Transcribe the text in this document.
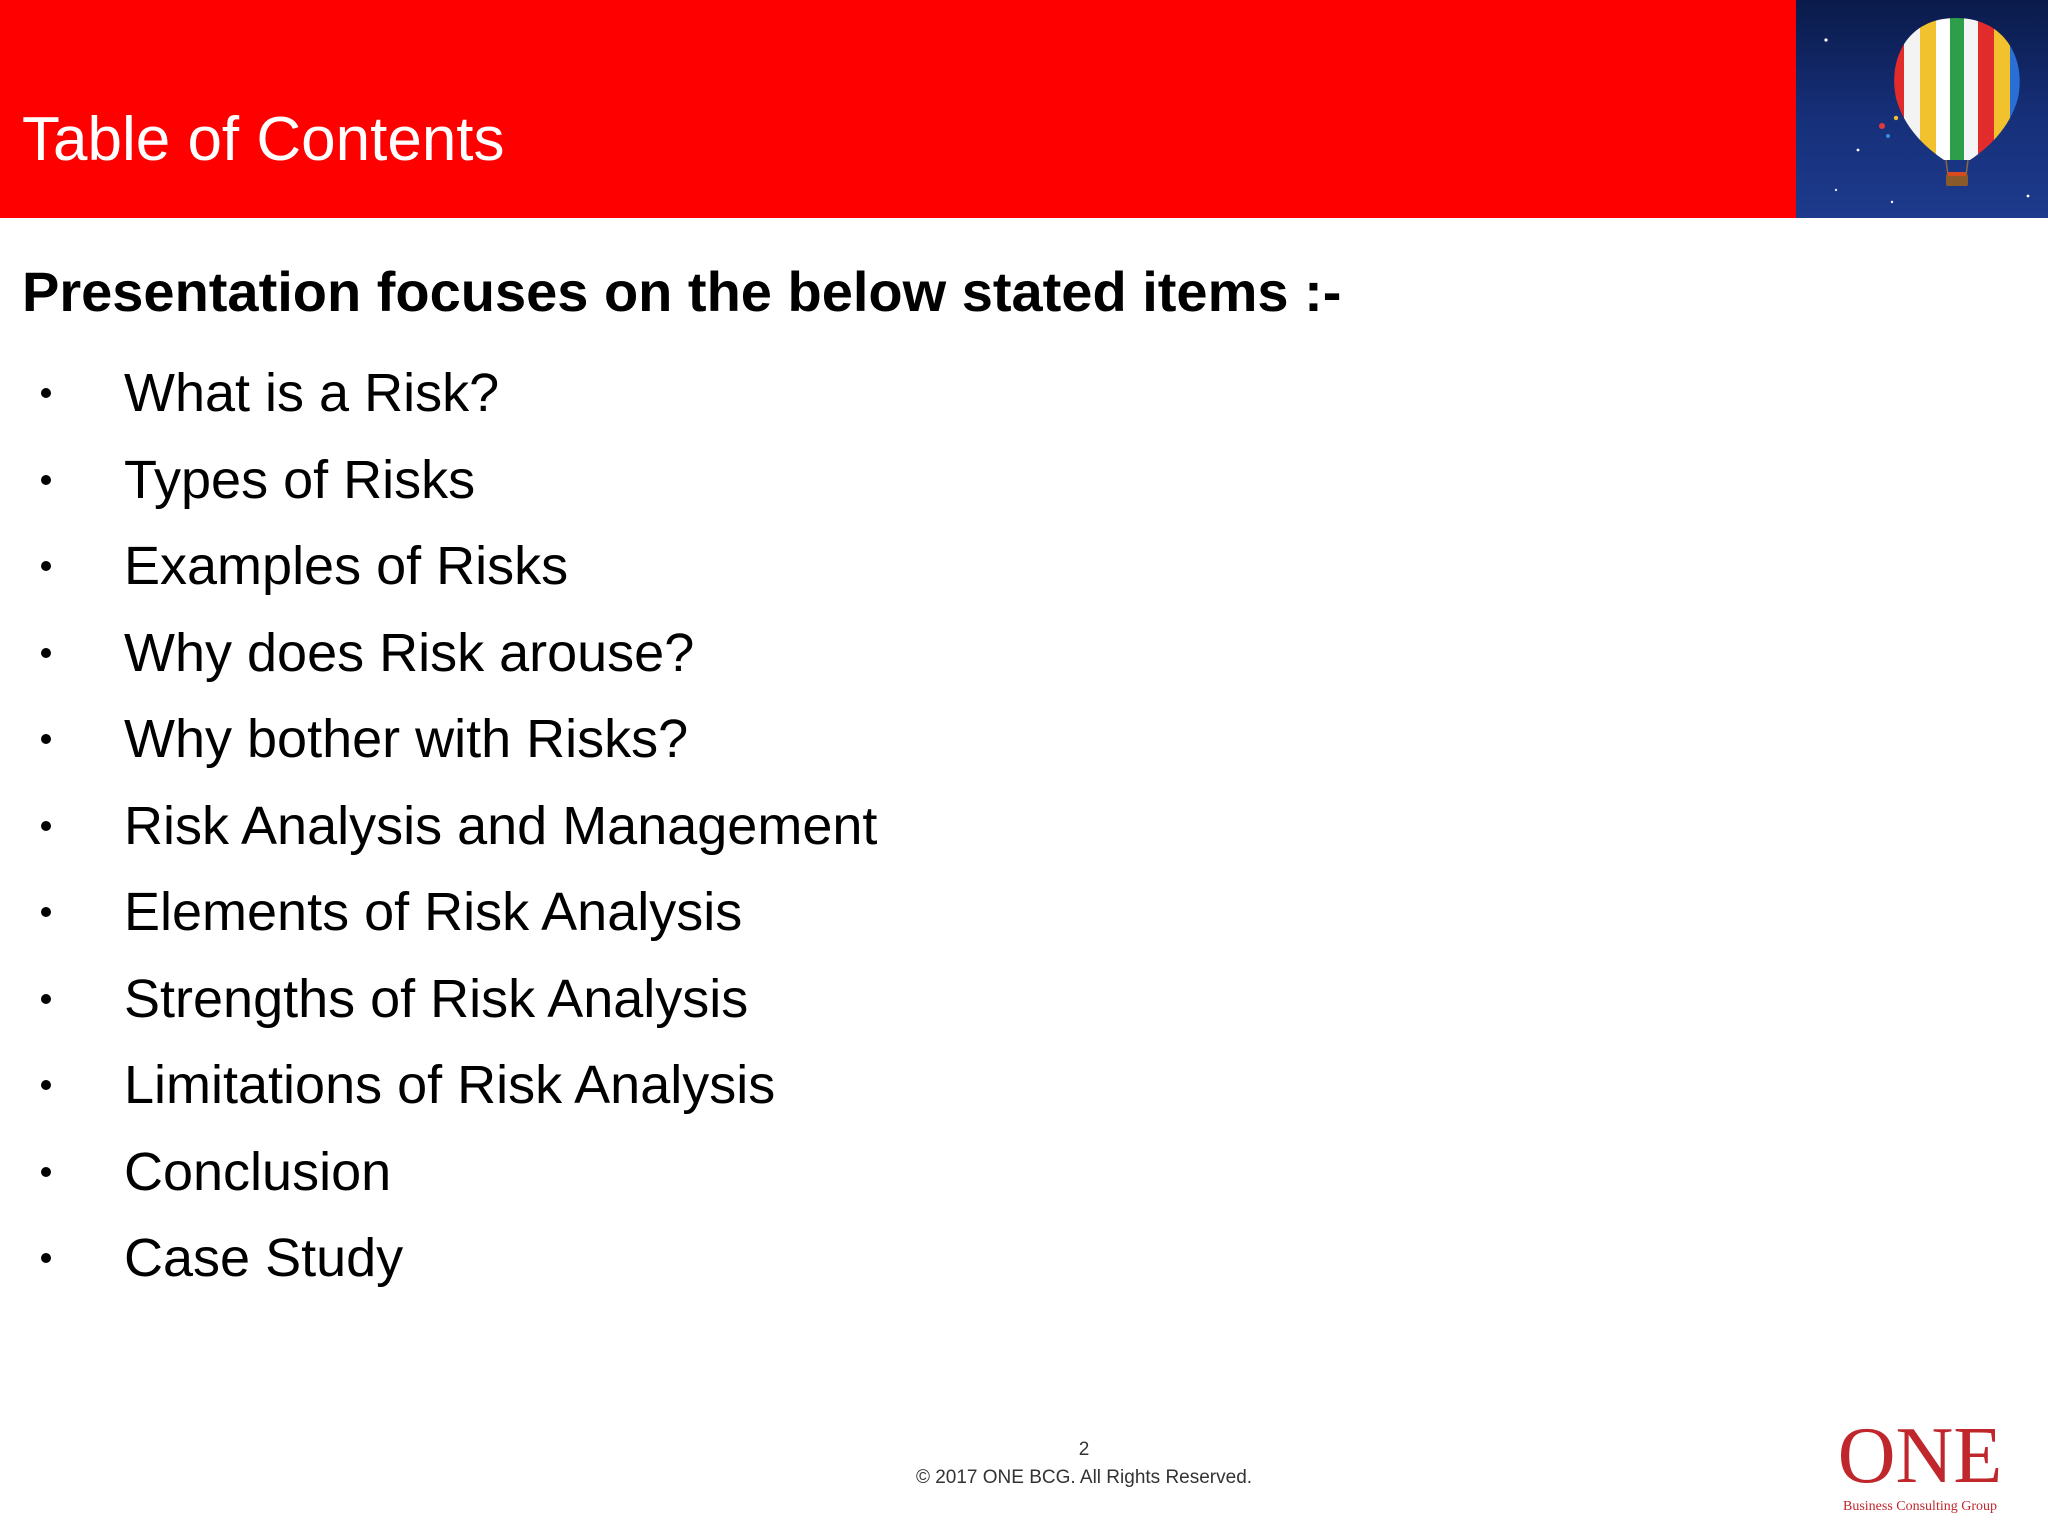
Table of Contents
Presentation focuses on the below stated items :-
What is a Risk?
Types of Risks
Examples of Risks
Why does Risk arouse?
Why bother with Risks?
Risk Analysis and Management
Elements of Risk Analysis
Strengths of Risk Analysis
Limitations of Risk Analysis
Conclusion
Case Study
2
© 2017 ONE BCG. All Rights Reserved.	ONE
Business Consulting Group
